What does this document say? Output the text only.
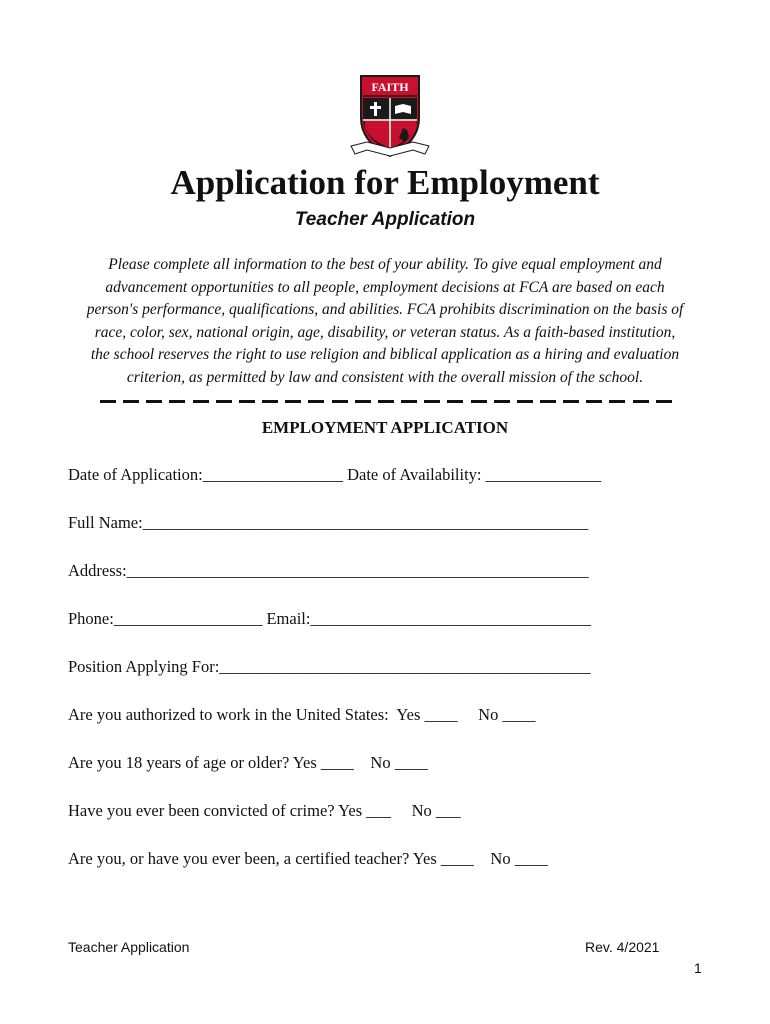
FAITH
Application for Employment
Teacher Application

Please complete all information to the best of your ability. To give equal employment and
advancement opportunities to all people, employment decisions at FCA are based on each
person's performance, qualifications, and abilities. FCA prohibits discrimination on the basis of
race, color, sex, national origin, age, disability, or veteran status. As a faith-based institution,
the school reserves the right to use religion and biblical application as a hiring and evaluation
criterion, as permitted by law and consistent with the overall mission of the school.

EMPLOYMENT APPLICATION
Date of Application:_________________ Date of Availability: ______________
Full Name:______________________________________________________
Address:________________________________________________________
Phone:__________________ Email:__________________________________
Position Applying For:_____________________________________________
Are you authorized to work in the United States:  Yes ____     No ____
Are you 18 years of age or older? Yes ____    No ____
Have you ever been convicted of crime? Yes ___     No ___
Are you, or have you ever been, a certified teacher? Yes ____    No ____
Teacher Application	Rev. 4/2021
1
